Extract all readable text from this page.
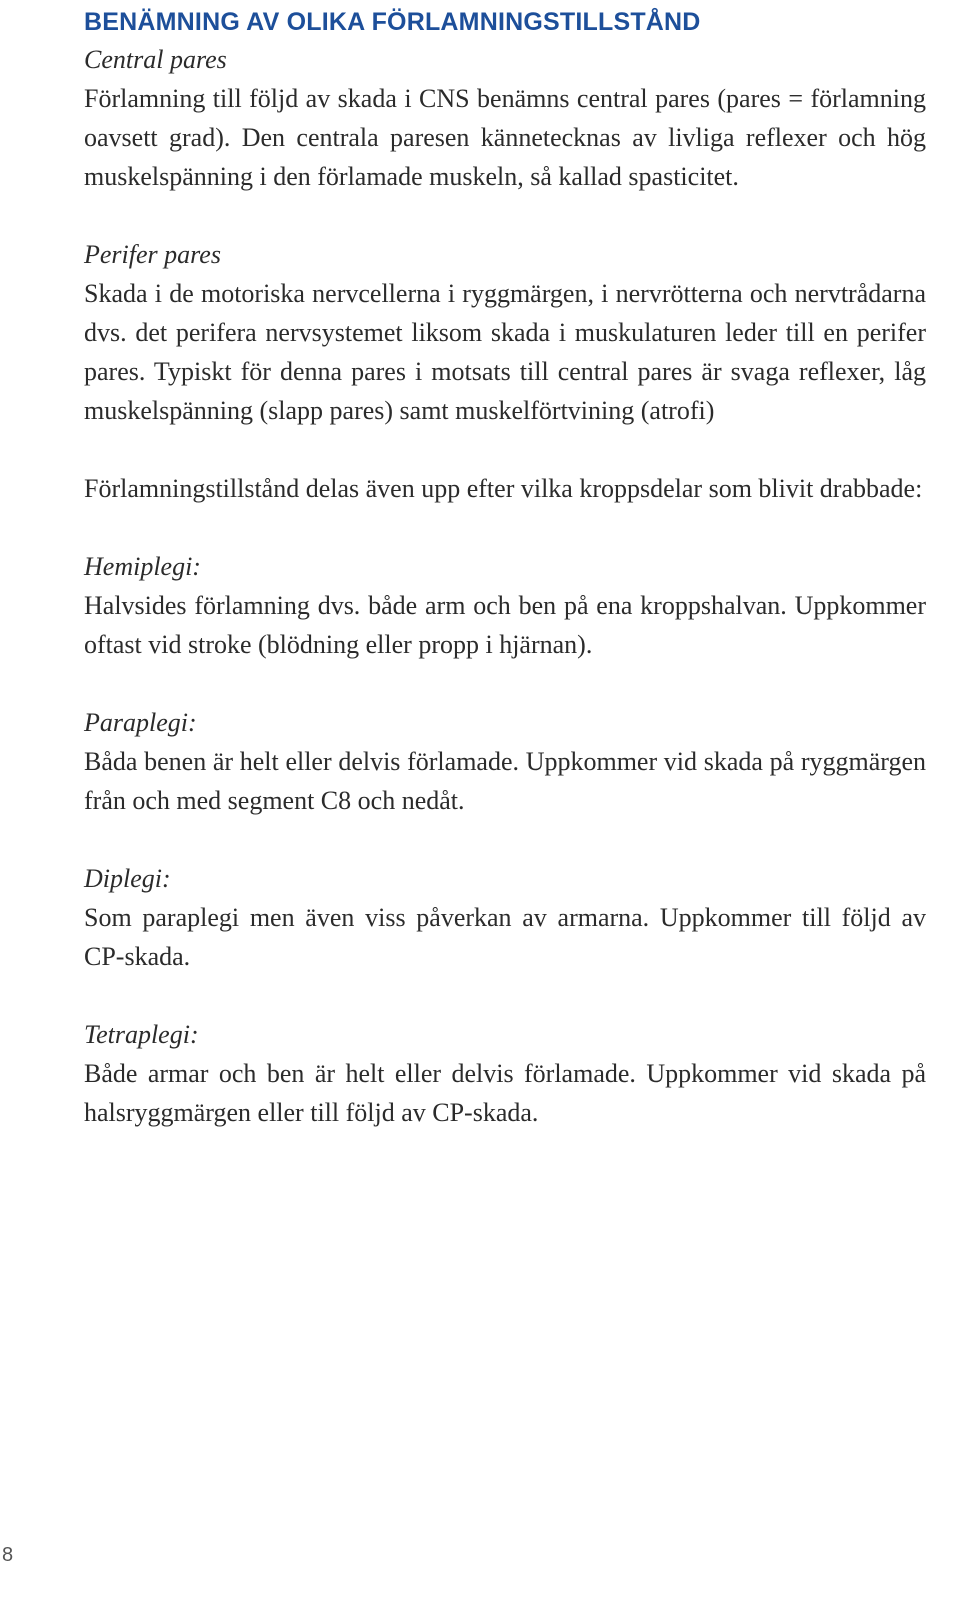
BENÄMNING AV OLIKA FÖRLAMNINGSTILLSTÅND

Central pares

Förlamning till följd av skada i CNS benämns central pares (pares = förlamning oavsett grad). Den centrala paresen kännetecknas av livliga reflexer och hög muskelspänning i den förlamade muskeln, så kallad spasticitet.

Perifer pares

Skada i de motoriska nervcellerna i ryggmärgen, i nervrötterna och nervtrådarna dvs. det perifera nervsystemet liksom skada i muskulaturen leder till en perifer pares. Typiskt för denna pares i motsats till central pares är svaga reflexer, låg muskelspänning (slapp pares) samt muskelförtvining (atrofi)

Förlamningstillstånd delas även upp efter vilka kroppsdelar som blivit drabbade:

Hemiplegi:

Halvsides förlamning dvs. både arm och ben på ena kroppshalvan. Uppkommer oftast vid stroke (blödning eller propp i hjärnan).

Paraplegi:

Båda benen är helt eller delvis förlamade. Uppkommer vid skada på ryggmärgen från och med segment C8 och nedåt.

Diplegi:

Som paraplegi men även viss påverkan av armarna. Uppkommer till följd av CP-skada.

Tetraplegi:

Både armar och ben är helt eller delvis förlamade. Uppkommer vid skada på halsryggmärgen eller till följd av CP-skada.

8
